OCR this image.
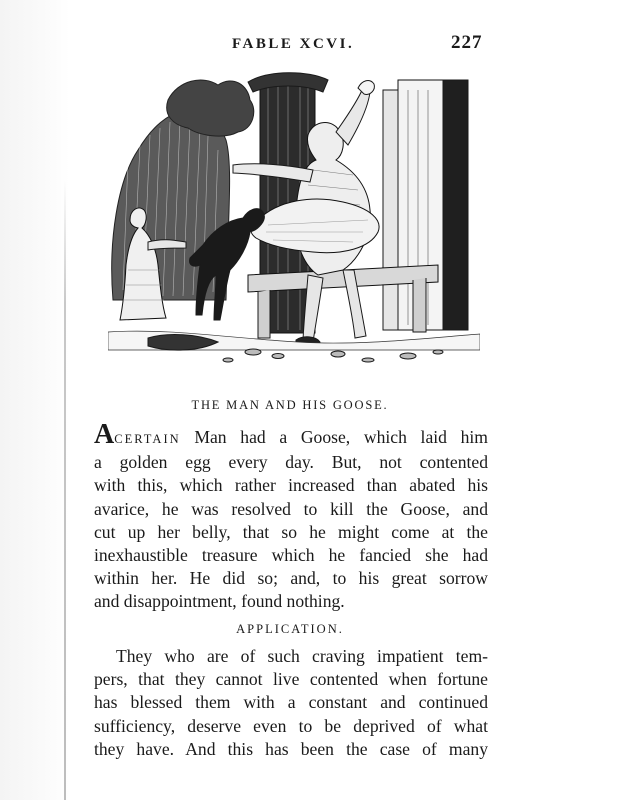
FABLE XCVI.	227
THE MAN AND HIS GOOSE.
ACERTAIN Man had a Goose, which laid him
a golden egg every day. But, not contented
with this, which rather increased than abated his
avarice, he was resolved to kill the Goose, and
cut up her belly, that so he might come at the
inexhaustible treasure which he fancied she had
within her. He did so; and, to his great sorrow
and disappointment, found nothing.
APPLICATION.
They who are of such craving impatient tem-
pers, that they cannot live contented when fortune
has blessed them with a constant and continued
sufficiency, deserve even to be deprived of what
they have. And this has been the case of many
